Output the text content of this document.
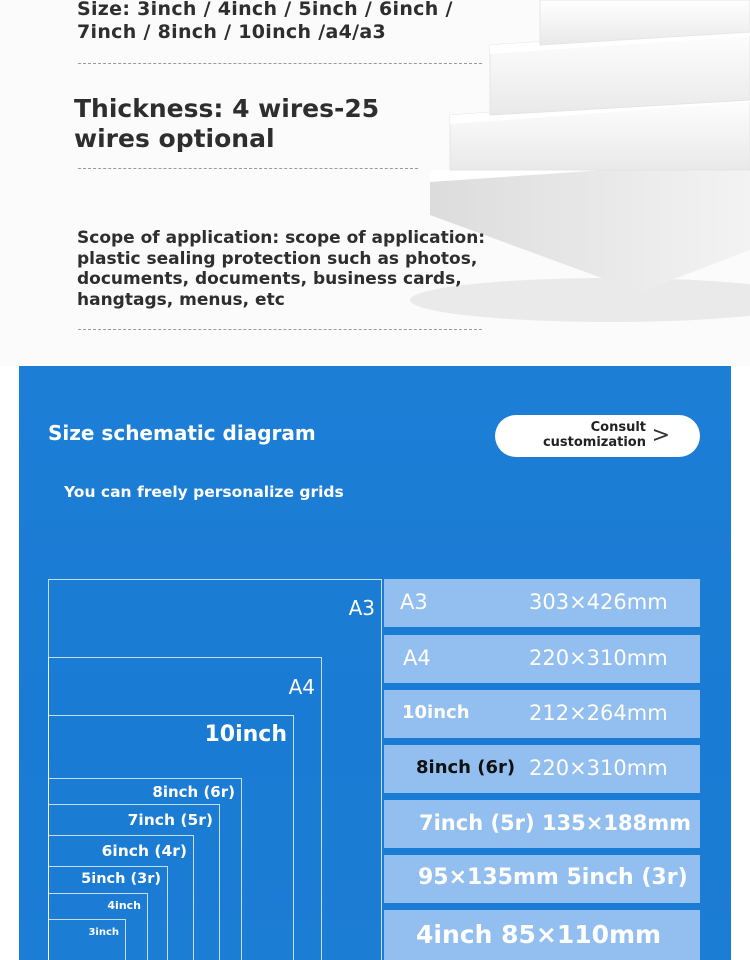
Size: 3inch / 4inch / 5inch / 6inch / 7inch / 8inch / 10inch /a4/a3
Thickness: 4 wires-25 wires optional
Scope of application: scope of application: plastic sealing protection such as photos, documents, documents, business cards, hangtags, menus, etc
Size schematic diagram
You can freely personalize grids
Consult customization >
A3
A4
10inch
8inch (6r)
7inch (5r)
6inch (4r)
5inch (3r)
4inch
3inch
A3	303×426mm
A4	220×310mm
10inch	212×264mm
8inch (6r) 220×310mm
7inch (5r) 135×188mm
95×135mm 5inch (3r)
4inch 85×110mm
